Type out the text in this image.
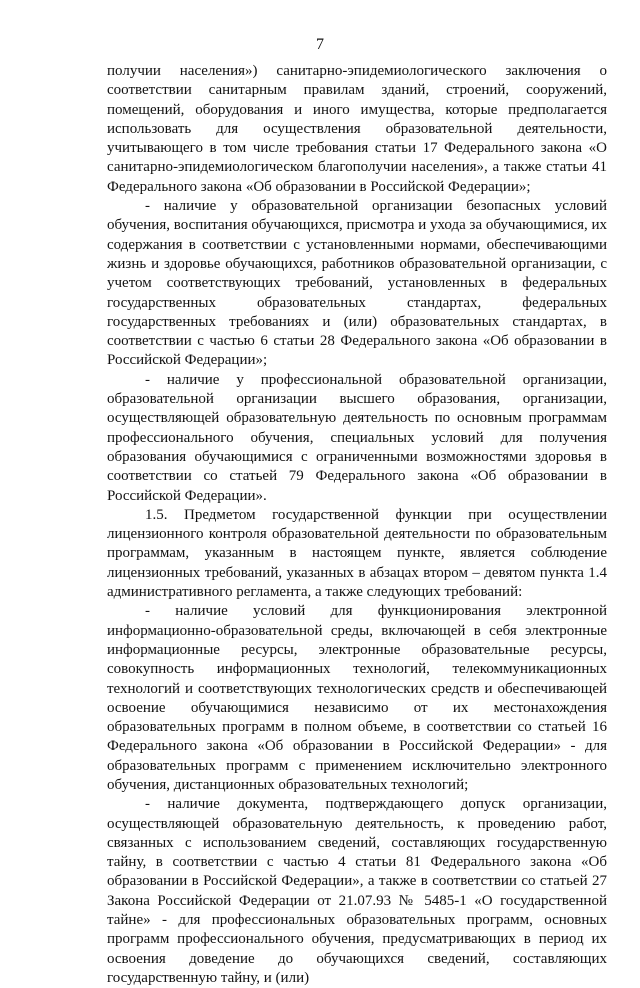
7

получии населения») санитарно-эпидемиологического заключения о соответствии санитарным правилам зданий, строений, сооружений, помещений, оборудования и иного имущества, которые предполагается использовать для осуществления образовательной деятельности, учитывающего в том числе требования статьи 17 Федерального закона «О санитарно-эпидемиологическом благополучии населения», а также статьи 41 Федерального закона «Об образовании в Российской Федерации»;

- наличие у образовательной организации безопасных условий обучения, воспитания обучающихся, присмотра и ухода за обучающимися, их содержания в соответствии с установленными нормами, обеспечивающими жизнь и здоровье обучающихся, работников образовательной организации, с учетом соответствующих требований, установленных в федеральных государственных образовательных стандартах, федеральных государственных требованиях и (или) образовательных стандартах, в соответствии с частью 6 статьи 28 Федерального закона «Об образовании в Российской Федерации»;

- наличие у профессиональной образовательной организации, образовательной организации высшего образования, организации, осуществляющей образовательную деятельность по основным программам профессионального обучения, специальных условий для получения образования обучающимися с ограниченными возможностями здоровья в соответствии со статьей 79 Федерального закона «Об образовании в Российской Федерации».

1.5. Предметом государственной функции при осуществлении лицензионного контроля образовательной деятельности по образовательным программам, указанным в настоящем пункте, является соблюдение лицензионных требований, указанных в абзацах втором – девятом пункта 1.4 административного регламента, а также следующих требований:

- наличие условий для функционирования электронной информационно-образовательной среды, включающей в себя электронные информационные ресурсы, электронные образовательные ресурсы, совокупность информационных технологий, телекоммуникационных технологий и соответствующих технологических средств и обеспечивающей освоение обучающимися независимо от их местонахождения образовательных программ в полном объеме, в соответствии со статьей 16 Федерального закона «Об образовании в Российской Федерации» - для образовательных программ с применением исключительно электронного обучения, дистанционных образовательных технологий;

- наличие документа, подтверждающего допуск организации, осуществляющей образовательную деятельность, к проведению работ, связанных с использованием сведений, составляющих государственную тайну, в соответствии с частью 4 статьи 81 Федерального закона «Об образовании в Российской Федерации», а также в соответствии со статьей 27 Закона Российской Федерации от 21.07.93 № 5485-1 «О государственной тайне» - для профессиональных образовательных программ, основных программ профессионального обучения, предусматривающих в период их освоения доведение до обучающихся сведений, составляющих государственную тайну, и (или)
